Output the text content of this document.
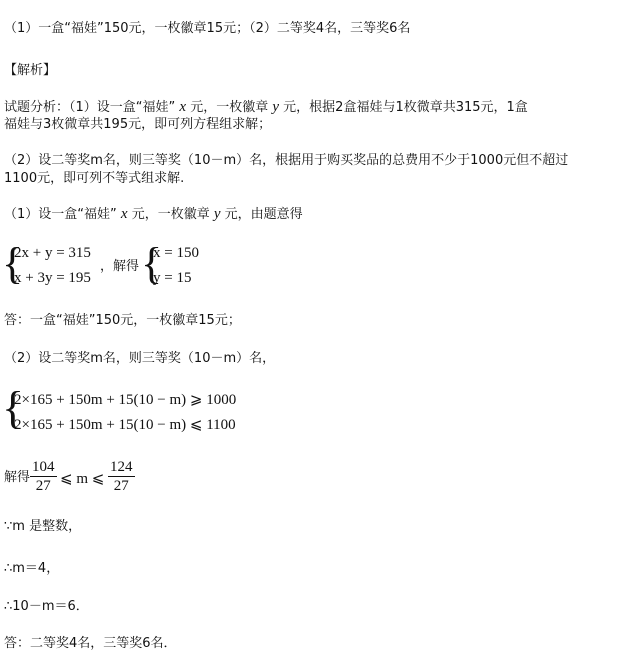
（1）一盒“福娃”150元，一枚徽章15元；（2）二等奖4名，三等奖6名
【解析】
试题分析：（1）设一盒“福娃” x 元，一枚徽章 y 元，根据2盒福娃与1枚微章共315元，1盒
福娃与3枚微章共195元，即可列方程组求解；
（2）设二等奖m名，则三等奖（10－m）名，根据用于购买奖品的总费用不少于1000元但不超过
1100元，即可列不等式组求解.
（1）设一盒“福娃” x 元，一枚徽章 y 元，由题意得
{
2x + y = 315
x + 3y = 195
，解得 {
x = 150
y = 15
答：一盒“福娃”150元，一枚徽章15元；
（2）设二等奖m名，则三等奖（10－m）名，
{
2×165 + 150m + 15(10 − m) ⩾ 1000
2×165 + 150m + 15(10 − m) ⩽ 1100
解得 $\frac{104}{27}$ ⩽ m ⩽ $\frac{124}{27}$
∵m 是整数，
∴m＝4，
∴10－m＝6．
答：二等奖4名，三等奖6名．
